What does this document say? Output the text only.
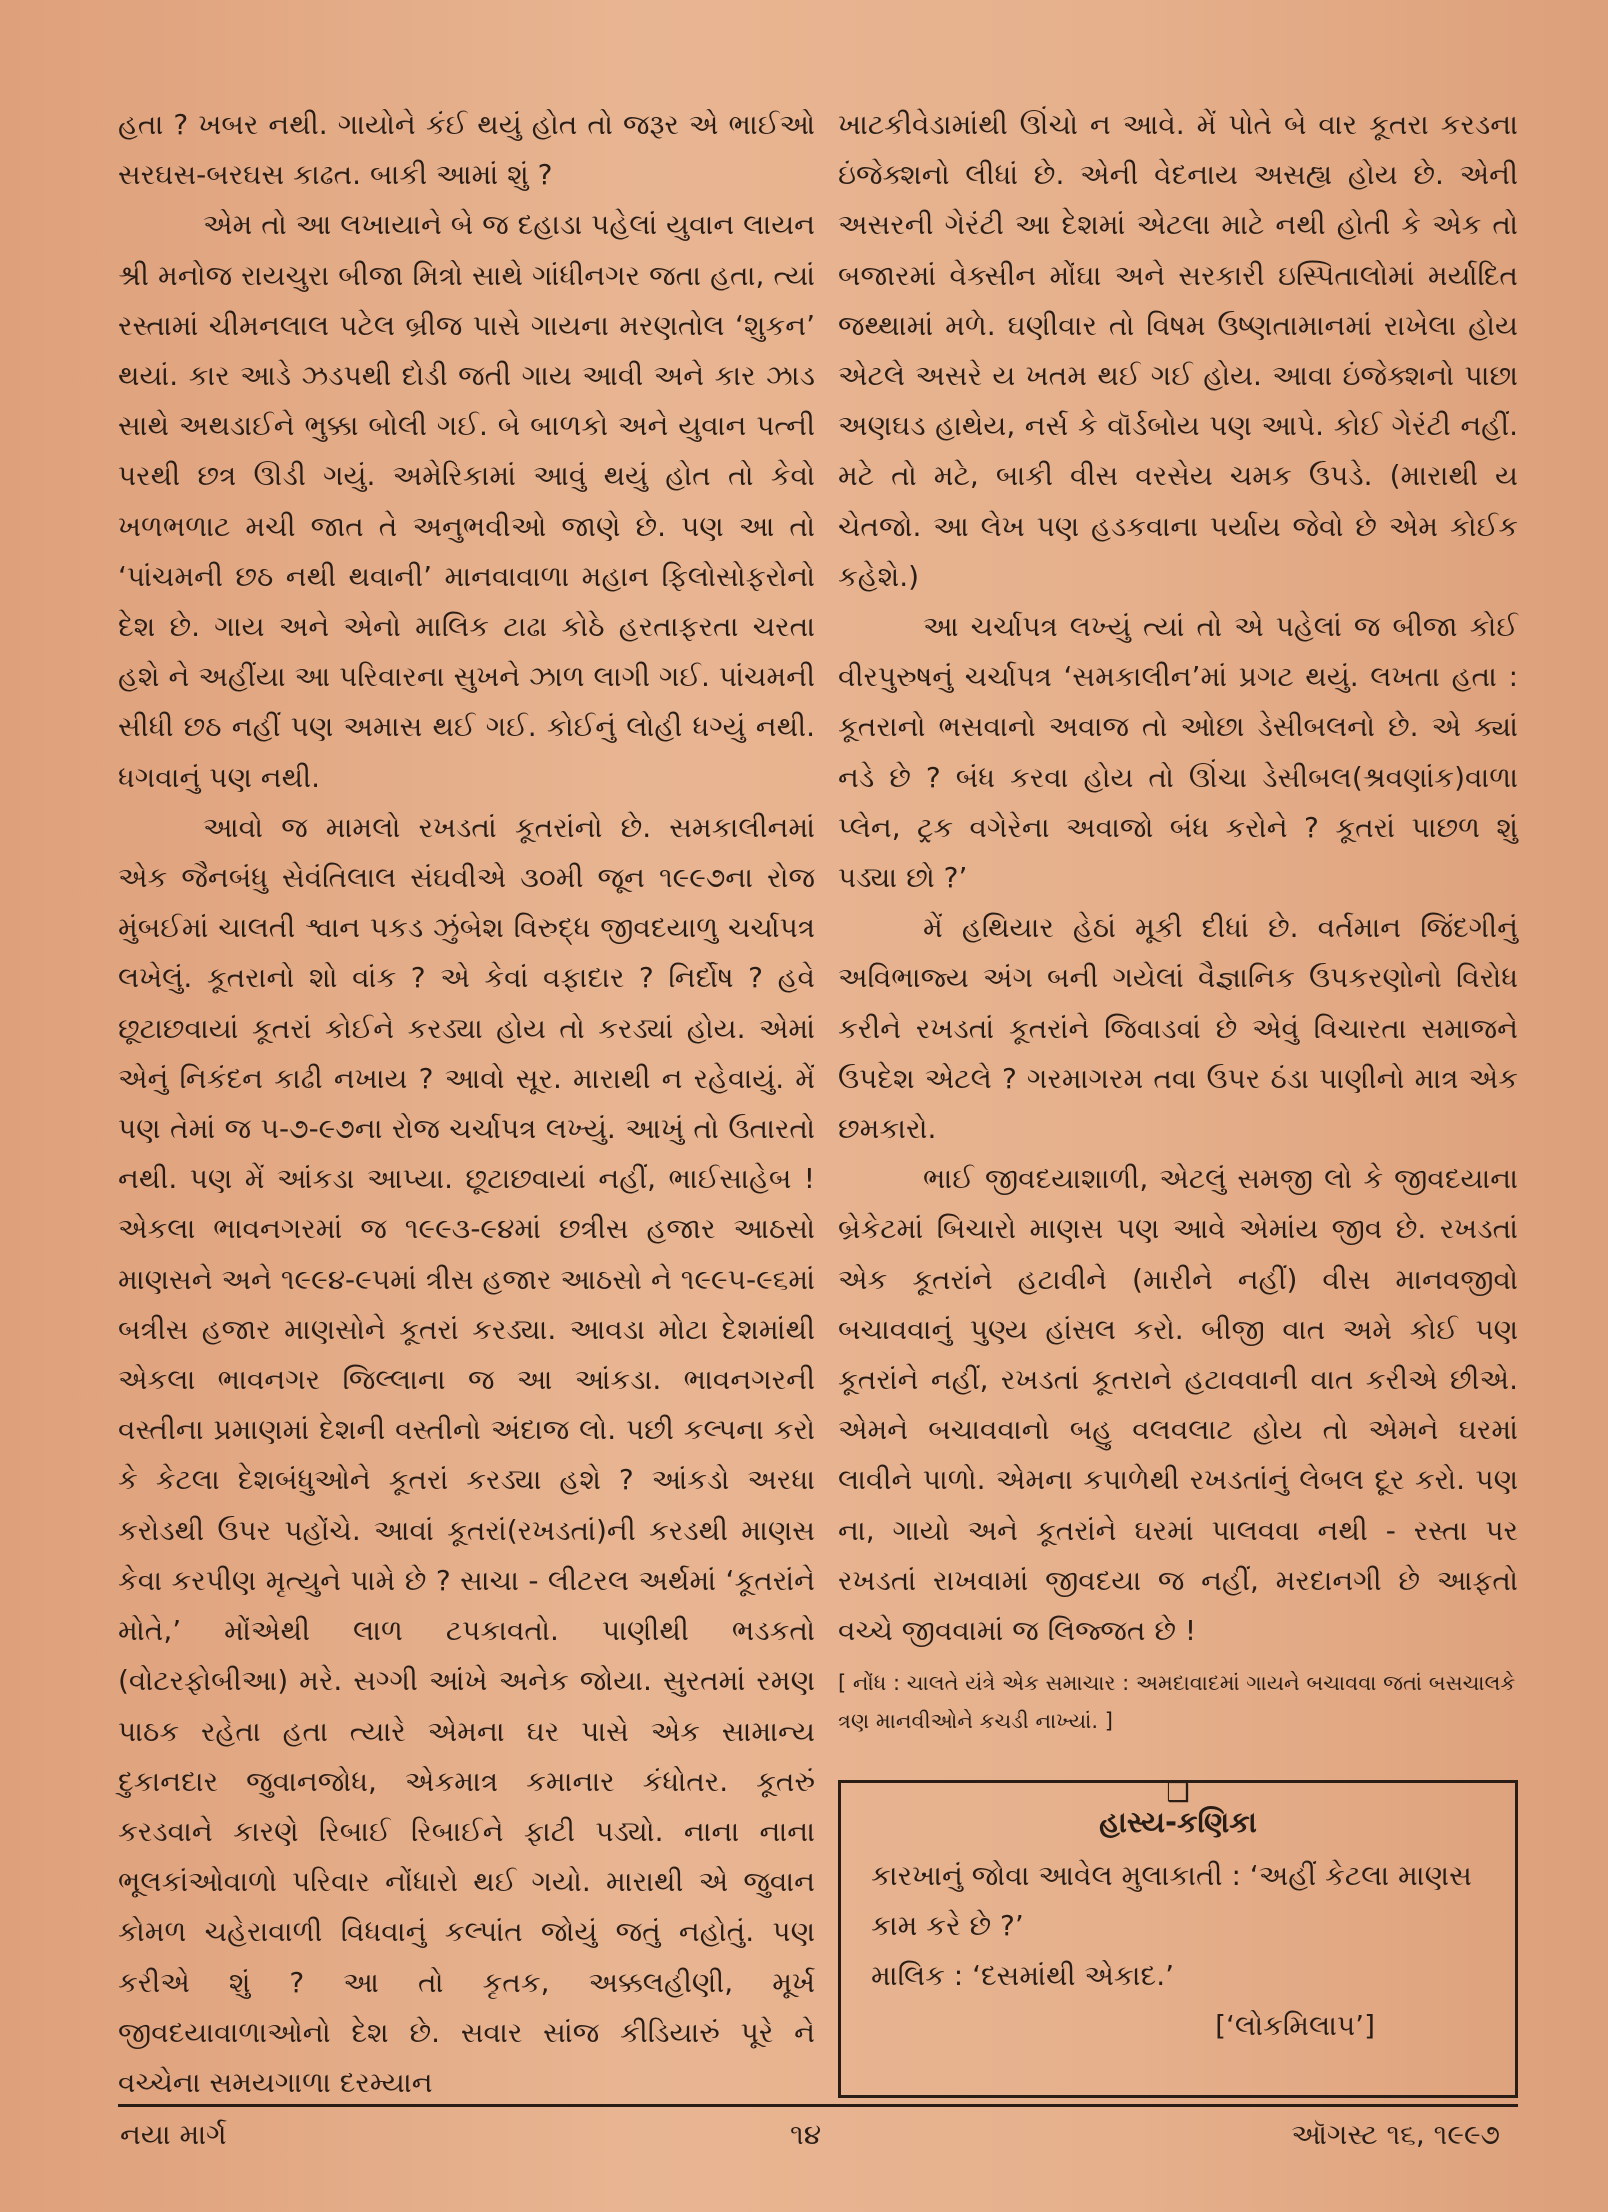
હતા ? ખબર નથી. ગાયોને કંઈ થયું હોત તો જરૂર એ ભાઈઓ સરઘસ-બરઘસ કાઢત. બાકી આમાં શું ?

એમ તો આ લખાયાને બે જ દહાડા પહેલાં યુવાન લાયન શ્રી મનોજ રાયચુરા બીજા મિત્રો સાથે ગાંધીનગર જતા હતા, ત્યાં રસ્તામાં ચીમનલાલ પટેલ બ્રીજ પાસે ગાયના મરણતોલ ‘શુકન’ થયાં. કાર આડે ઝડપથી દોડી જતી ગાય આવી અને કાર ઝાડ સાથે અથડાઈને ભુક્કા બોલી ગઈ. બે બાળકો અને યુવાન પત્ની પરથી છત્ર ઊડી ગયું. અમેરિકામાં આવું થયું હોત તો કેવો ખળભળાટ મચી જાત તે અનુભવીઓ જાણે છે. પણ આ તો ‘પાંચમની છઠ નથી થવાની’ માનવાવાળા મહાન ફિલોસોફરોનો દેશ છે. ગાય અને એનો માલિક ટાઢા કોઠે હરતાફરતા ચરતા હશે ને અહીંયા આ પરિવારના સુખને ઝાળ લાગી ગઈ. પાંચમની સીધી છઠ નહીં પણ અમાસ થઈ ગઈ. કોઈનું લોહી ધગ્યું નથી. ધગવાનું પણ નથી.

આવો જ મામલો રખડતાં કૂતરાંનો છે. સમકાલીનમાં એક જૈનબંધુ સેવંતિલાલ સંઘવીએ ૩૦મી જૂન ૧૯૯૭ના રોજ મુંબઈમાં ચાલતી શ્વાન પકડ ઝુંબેશ વિરુદ્ધ જીવદયાળુ ચર્ચાપત્ર લખેલું. કૂતરાનો શો વાંક ? એ કેવાં વફાદાર ? નિર્દોષ ? હવે છૂટાછવાયાં કૂતરાં કોઈને કરડ્યા હોય તો કરડ્યાં હોય. એમાં એનું નિકંદન કાઢી નખાય ? આવો સૂર. મારાથી ન રહેવાયું. મેં પણ તેમાં જ ૫-૭-૯૭ના રોજ ચર્ચાપત્ર લખ્યું. આખું તો ઉતારતો નથી. પણ મેં આંકડા આપ્યા. છૂટાછવાયાં નહીં, ભાઈસાહેબ ! એકલા ભાવનગરમાં જ ૧૯૯૩-૯૪માં છત્રીસ હજાર આઠસો માણસને અને ૧૯૯૪-૯૫માં ત્રીસ હજાર આઠસો ને ૧૯૯૫-૯૬માં બત્રીસ હજાર માણસોને કૂતરાં કરડ્યા. આવડા મોટા દેશમાંથી એકલા ભાવનગર જિલ્લાના જ આ આંકડા. ભાવનગરની વસ્તીના પ્રમાણમાં દેશની વસ્તીનો અંદાજ લો. પછી કલ્પના કરો કે કેટલા દેશબંધુઓને કૂતરાં કરડ્યા હશે ? આંકડો અરધા કરોડથી ઉપર પહોંચે. આવાં કૂતરાં(રખડતાં)ની કરડથી માણસ કેવા કરપીણ મૃત્યુને પામે છે ? સાચા - લીટરલ અર્થમાં ‘કૂતરાંને મોતે,’ મોંએથી લાળ ટપકાવતો. પાણીથી ભડકતો (વોટરફોબીઆ) મરે. સગ્ગી આંખે અનેક જોયા. સુરતમાં રમણ પાઠક રહેતા હતા ત્યારે એમના ઘર પાસે એક સામાન્ય દુકાનદાર જુવાનજોધ, એકમાત્ર કમાનાર કંધોતર. કૂતરું કરડવાને કારણે રિબાઈ રિબાઈને ફાટી પડ્યો. નાના નાના ભૂલકાંઓવાળો પરિવાર નોંધારો થઈ ગયો. મારાથી એ જુવાન કોમળ ચહેરાવાળી વિધવાનું કલ્પાંત જોયું જતું નહોતું. પણ કરીએ શું ? આ તો કૃતક, અક્કલહીણી, મૂર્ખ જીવદયાવાળાઓનો દેશ છે. સવાર સાંજ કીડિયારું પૂરે ને વચ્ચેના સમયગાળા દરમ્યાન

ખાટકીવેડામાંથી ઊંચો ન આવે. મેં પોતે બે વાર કૂતરા કરડના ઇંજેક્શનો લીધાં છે. એની વેદનાય અસહ્ય હોય છે. એની અસરની ગેરંટી આ દેશમાં એટલા માટે નથી હોતી કે એક તો બજારમાં વેક્સીન મોંઘા અને સરકારી ઇસ્પિતાલોમાં મર્યાદિત જથ્થામાં મળે. ઘણીવાર તો વિષમ ઉષ્ણતામાનમાં રાખેલા હોય એટલે અસરે ય ખતમ થઈ ગઈ હોય. આવા ઇંજેક્શનો પાછા અણઘડ હાથેય, નર્સ કે વૉર્ડબોય પણ આપે. કોઈ ગેરંટી નહીં. મટે તો મટે, બાકી વીસ વરસેય ચમક ઉપડે. (મારાથી ય ચેતજો. આ લેખ પણ હડકવાના પર્યાય જેવો છે એમ કોઈક કહેશે.)

આ ચર્ચાપત્ર લખ્યું ત્યાં તો એ પહેલાં જ બીજા કોઈ વીરપુરુષનું ચર્ચાપત્ર ‘સમકાલીન’માં પ્રગટ થયું. લખતા હતા : કૂતરાનો ભસવાનો અવાજ તો ઓછા ડેસીબલનો છે. એ ક્યાં નડે છે ? બંધ કરવા હોય તો ઊંચા ડેસીબલ(શ્રવણાંક)વાળા પ્લેન, ટ્રક વગેરેના અવાજો બંધ કરોને ? કૂતરાં પાછળ શું પડ્યા છો ?’

મેં હથિયાર હેઠાં મૂકી દીધાં છે. વર્તમાન જિંદગીનું અવિભાજ્ય અંગ બની ગયેલાં વૈજ્ઞાનિક ઉપકરણોનો વિરોધ કરીને રખડતાં કૂતરાંને જિવાડવાં છે એવું વિચારતા સમાજને ઉપદેશ એટલે ? ગરમાગરમ તવા ઉપર ઠંડા પાણીનો માત્ર એક છમકારો.

ભાઈ જીવદયાશાળી, એટલું સમજી લો કે જીવદયાના બ્રેકેટમાં બિચારો માણસ પણ આવે એમાંય જીવ છે. રખડતાં એક કૂતરાંને હટાવીને (મારીને નહીં) વીસ માનવજીવો બચાવવાનું પુણ્ય હાંસલ કરો. બીજી વાત અમે કોઈ પણ કૂતરાંને નહીં, રખડતાં કૂતરાને હટાવવાની વાત કરીએ છીએ. એમને બચાવવાનો બહુ વલવલાટ હોય તો એમને ઘરમાં લાવીને પાળો. એમના કપાળેથી રખડતાંનું લેબલ દૂર કરો. પણ ના, ગાયો અને કૂતરાંને ઘરમાં પાલવવા નથી - રસ્તા પર રખડતાં રાખવામાં જીવદયા જ નહીં, મરદાનગી છે આફતો વચ્ચે જીવવામાં જ લિજ્જત છે !

[ નોંધ : ચાલતે યંત્રે એક સમાચાર : અમદાવાદમાં ગાયને બચાવવા જતાં બસચાલકે ત્રણ માનવીઓને કચડી નાખ્યાં. ]
❑
હાસ્ય-કણિકા

કારખાનું જોવા આવેલ મુલાકાતી : ‘અહીં કેટલા માણસ કામ કરે છે ?’

માલિક : ‘દસમાંથી એકાદ.’

[‘લોકમિલાપ’]

નયા માર્ગ	૧૪	ઑગસ્ટ ૧૬, ૧૯૯૭
